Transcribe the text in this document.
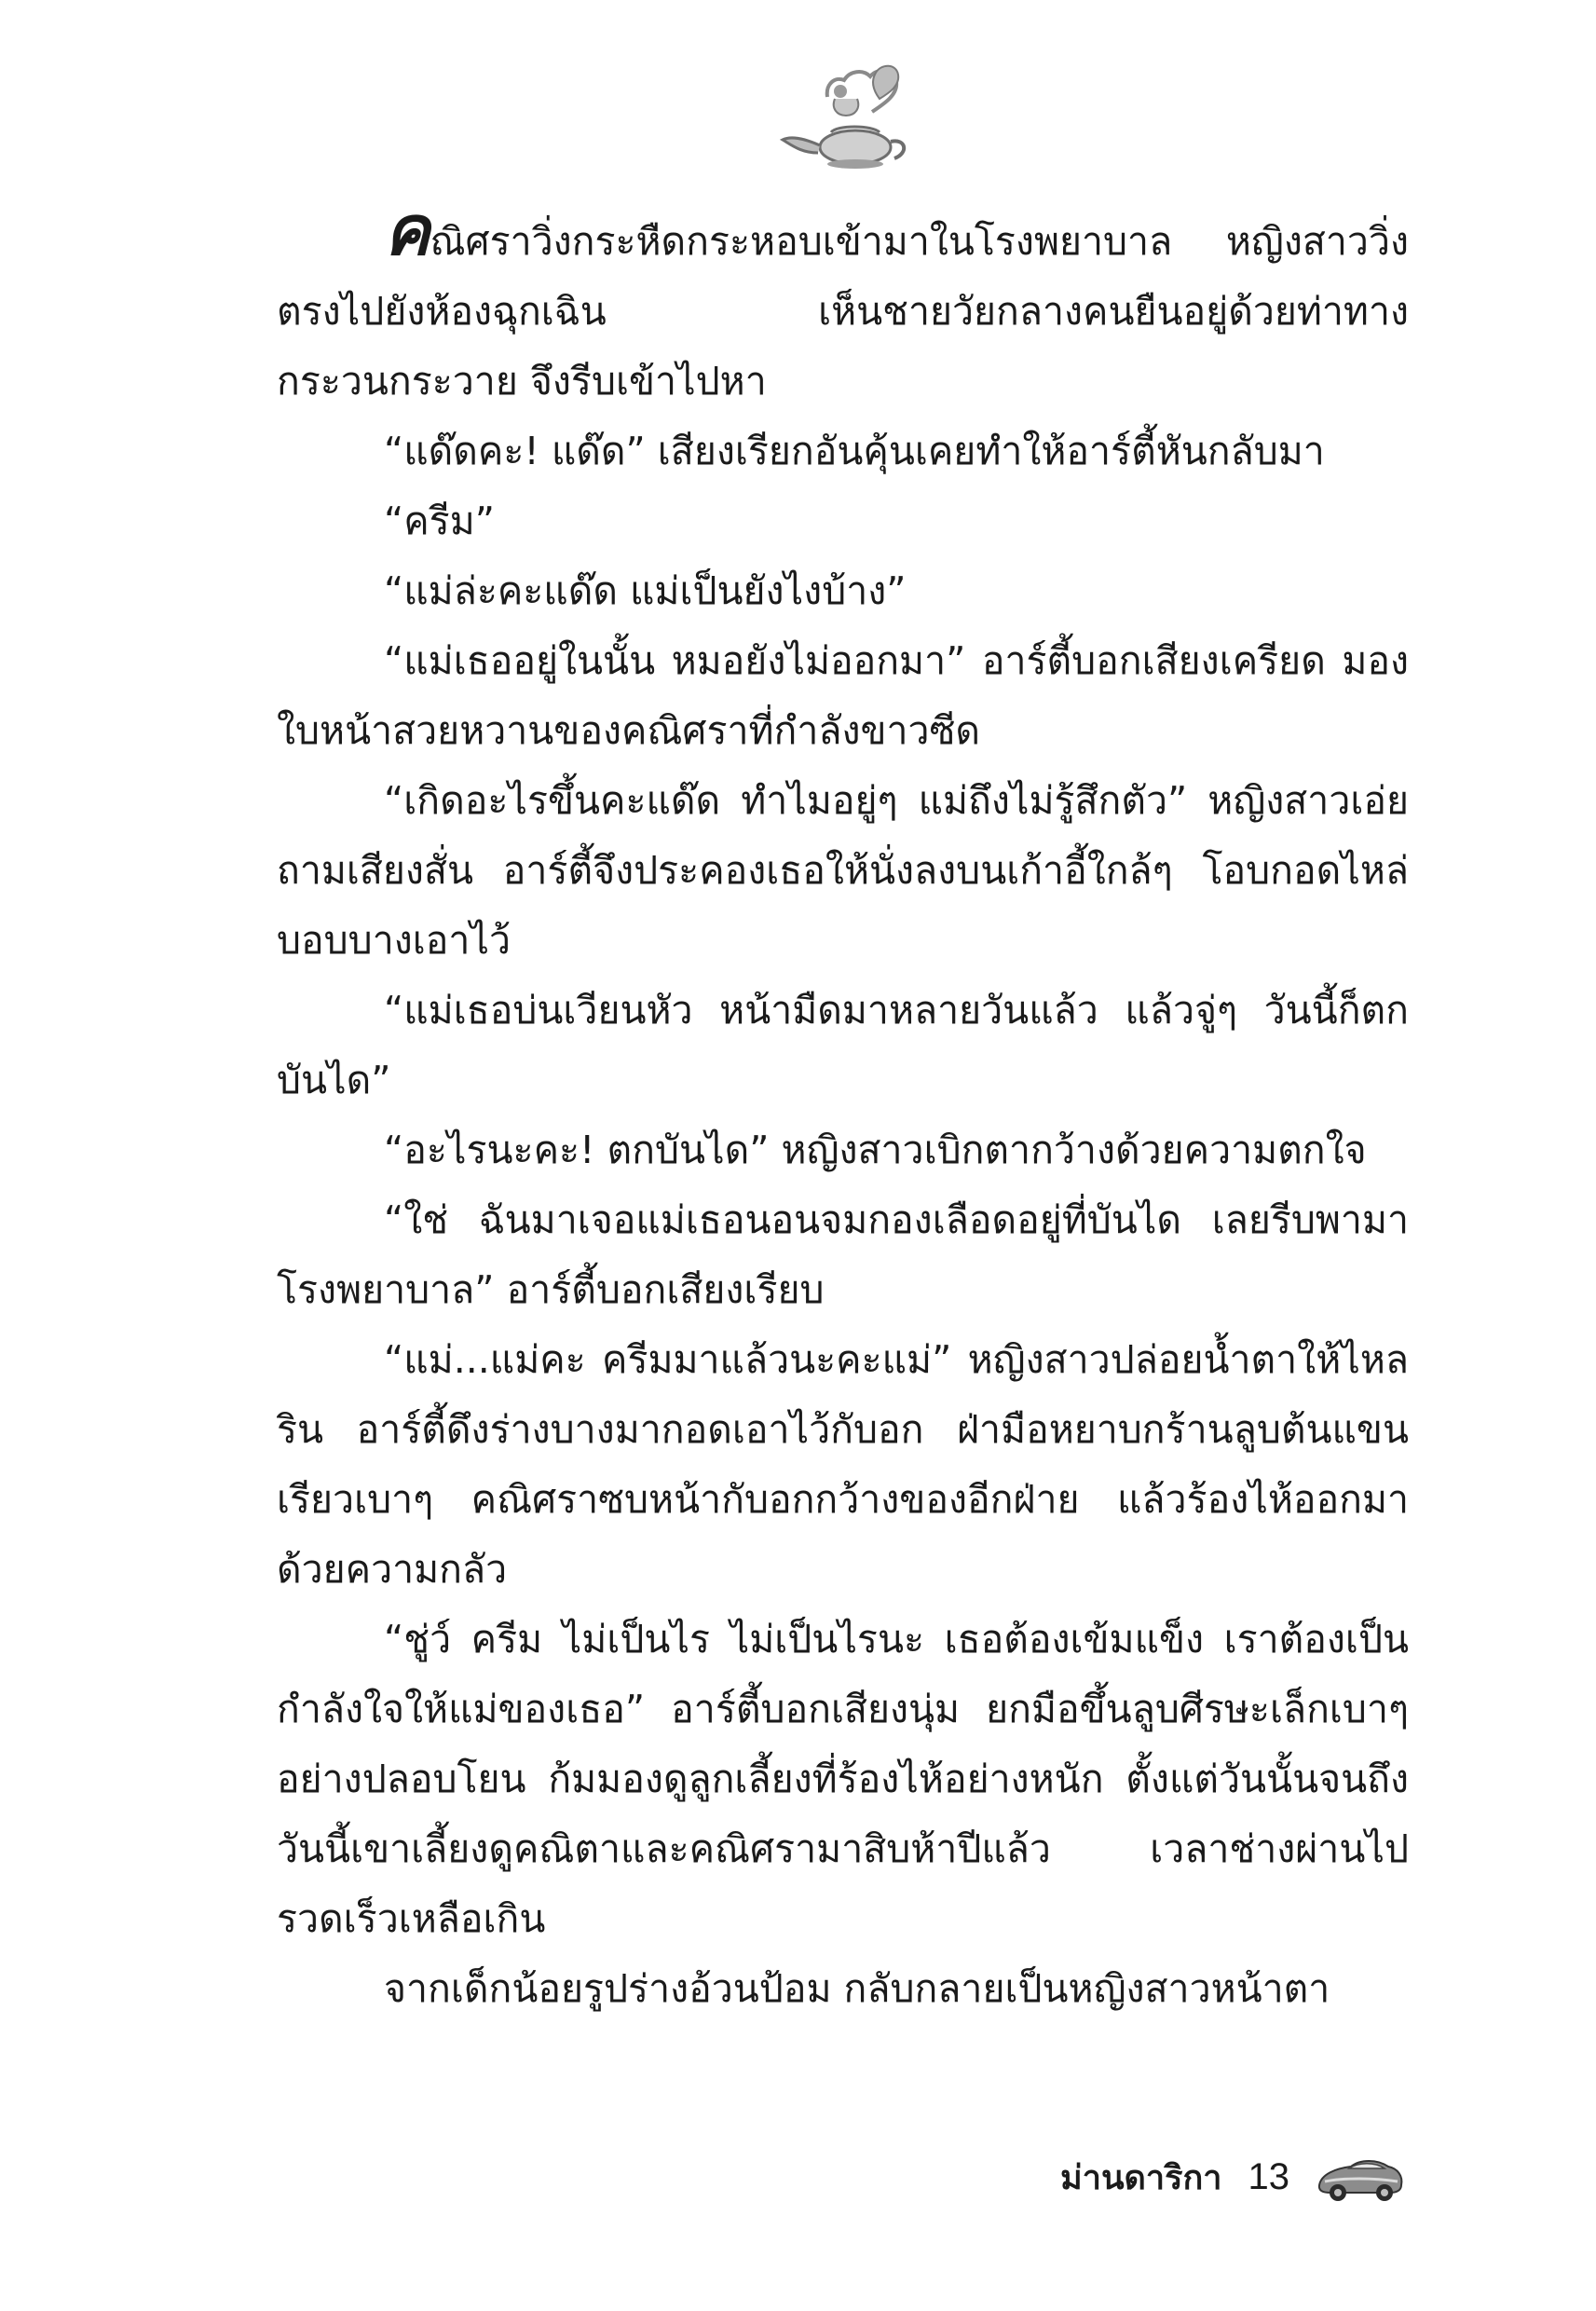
คณิศราวิ่งกระหืดกระหอบเข้ามาในโรงพยาบาล หญิงสาววิ่งตรงไปยังห้องฉุกเฉิน เห็นชายวัยกลางคนยืนอยู่ด้วยท่าทางกระวนกระวาย จึงรีบเข้าไปหา

“แด๊ดคะ! แด๊ด” เสียงเรียกอันคุ้นเคยทำให้อาร์ตี้หันกลับมา

“ครีม”

“แม่ล่ะคะแด๊ด แม่เป็นยังไงบ้าง”

“แม่เธออยู่ในนั้น หมอยังไม่ออกมา” อาร์ตี้บอกเสียงเครียด มองใบหน้าสวยหวานของคณิศราที่กำลังขาวซีด

“เกิดอะไรขึ้นคะแด๊ด ทำไมอยู่ๆ แม่ถึงไม่รู้สึกตัว” หญิงสาวเอ่ยถามเสียงสั่น อาร์ตี้จึงประคองเธอให้นั่งลงบนเก้าอี้ใกล้ๆ โอบกอดไหล่บอบบางเอาไว้

“แม่เธอบ่นเวียนหัว หน้ามืดมาหลายวันแล้ว แล้วจู่ๆ วันนี้ก็ตกบันได”

“อะไรนะคะ! ตกบันได” หญิงสาวเบิกตากว้างด้วยความตกใจ

“ใช่ ฉันมาเจอแม่เธอนอนจมกองเลือดอยู่ที่บันได เลยรีบพามาโรงพยาบาล” อาร์ตี้บอกเสียงเรียบ

“แม่...แม่คะ ครีมมาแล้วนะคะแม่” หญิงสาวปล่อยน้ำตาให้ไหลริน อาร์ตี้ดึงร่างบางมากอดเอาไว้กับอก ฝ่ามือหยาบกร้านลูบต้นแขนเรียวเบาๆ คณิศราซบหน้ากับอกกว้างของอีกฝ่าย แล้วร้องไห้ออกมาด้วยความกลัว

“ชู่ว์ ครีม ไม่เป็นไร ไม่เป็นไรนะ เธอต้องเข้มแข็ง เราต้องเป็นกำลังใจให้แม่ของเธอ” อาร์ตี้บอกเสียงนุ่ม ยกมือขึ้นลูบศีรษะเล็กเบาๆ อย่างปลอบโยน ก้มมองดูลูกเลี้ยงที่ร้องไห้อย่างหนัก ตั้งแต่วันนั้นจนถึงวันนี้เขาเลี้ยงดูคณิตาและคณิศรามาสิบห้าปีแล้ว เวลาช่างผ่านไปรวดเร็วเหลือเกิน

จากเด็กน้อยรูปร่างอ้วนป้อม กลับกลายเป็นหญิงสาวหน้าตา

ม่านดาริกา 13
